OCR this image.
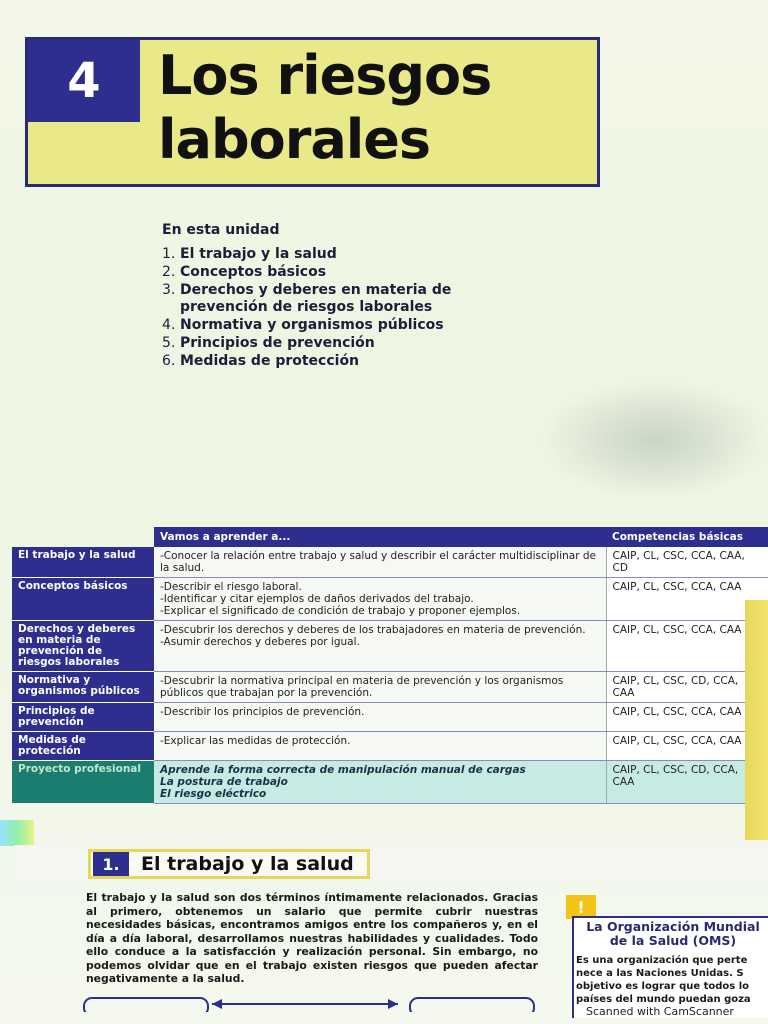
4	Los riesgos
laborales
En esta unidad
1. El trabajo y la salud
2. Conceptos básicos
3. Derechos y deberes en materia de prevención de riesgos laborales
4. Normativa y organismos públicos
5. Principios de prevención
6. Medidas de protección
	Vamos a aprender a...	Competencias básicas
El trabajo y la salud	-Conocer la relación entre trabajo y salud y describir el carácter multidisciplinar de la salud.	CAIP, CL, CSC, CCA, CAA, CD
Conceptos básicos	-Describir el riesgo laboral.
-Identificar y citar ejemplos de daños derivados del trabajo.
-Explicar el significado de condición de trabajo y proponer ejemplos.	CAIP, CL, CSC, CCA, CAA
Derechos y deberes en materia de prevención de riesgos laborales	-Descubrir los derechos y deberes de los trabajadores en materia de prevención.
-Asumir derechos y deberes por igual.	CAIP, CL, CSC, CCA, CAA
Normativa y organismos públicos	-Descubrir la normativa principal en materia de prevención y los organismos públicos que trabajan por la prevención.	CAIP, CL, CSC, CD, CCA, CAA
Principios de prevención	-Describir los principios de prevención.	CAIP, CL, CSC, CCA, CAA
Medidas de protección	-Explicar las medidas de protección.	CAIP, CL, CSC, CCA, CAA
Proyecto profesional	Aprende la forma correcta de manipulación manual de cargas
La postura de trabajo
El riesgo eléctrico	CAIP, CL, CSC, CD, CCA, CAA
1.	El trabajo y la salud

El trabajo y la salud son dos términos íntimamente relacionados. Gracias al primero, obtenemos un salario que permite cubrir nuestras necesidades básicas, encontramos amigos entre los compañeros y, en el día a día laboral, desarrollamos nuestras habilidades y cualidades. Todo ello conduce a la satisfacción y realización personal. Sin embargo, no podemos olvidar que en el trabajo existen riesgos que pueden afectar negativamente a la salud.

!
La Organización Mundial
de la Salud (OMS)

Es una organización que perte
nece a las Naciones Unidas. S
objetivo es lograr que todos lo
países del mundo puedan goza

Scanned with CamScanner
